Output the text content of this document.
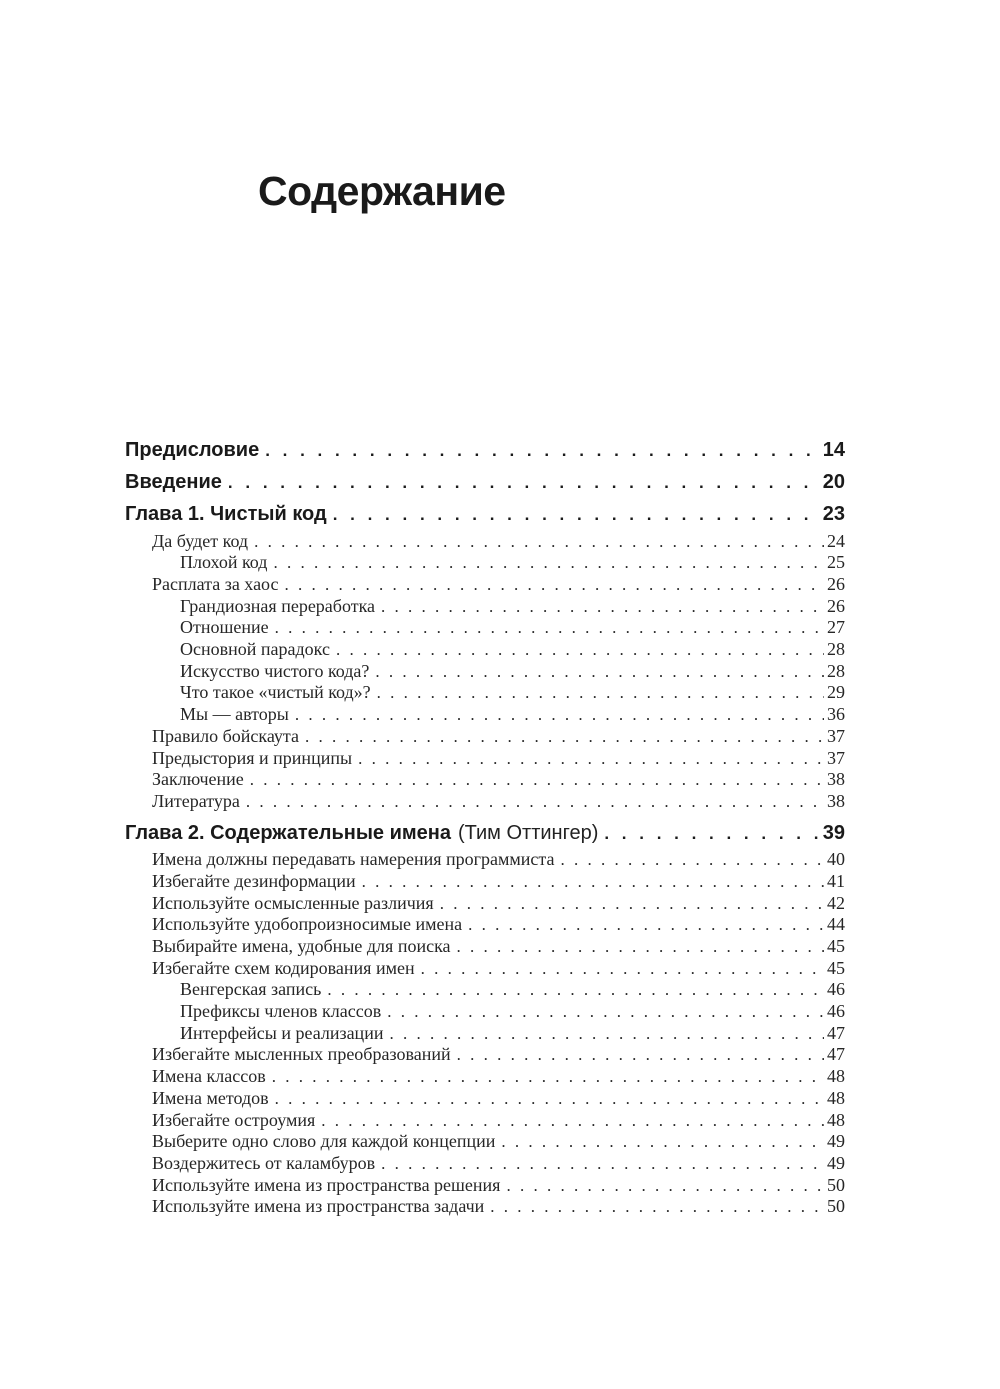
Содержание
Предисловие . . .	14
Введение . . .	20
Глава 1. Чистый код . . .	23
Да будет код . . .	24
Плохой код . . .	25
Расплата за хаос . . .	26
Грандиозная переработка . . .	26
Отношение . . .	27
Основной парадокс . . .	28
Искусство чистого кода? . . .	28
Что такое «чистый код»? . . .	29
Мы — авторы . . .	36
Правило бойскаута . . .	37
Предыстория и принципы . . .	37
Заключение . . .	38
Литература . . .	38
Глава 2. Содержательные имена (Тим Оттингер) . . .	39
Имена должны передавать намерения программиста . . .	40
Избегайте дезинформации . . .	41
Используйте осмысленные различия . . .	42
Используйте удобопроизносимые имена . . .	44
Выбирайте имена, удобные для поиска . . .	45
Избегайте схем кодирования имен . . .	45
Венгерская запись . . .	46
Префиксы членов классов . . .	46
Интерфейсы и реализации . . .	47
Избегайте мысленных преобразований . . .	47
Имена классов . . .	48
Имена методов . . .	48
Избегайте остроумия . . .	48
Выберите одно слово для каждой концепции . . .	49
Воздержитесь от каламбуров . . .	49
Используйте имена из пространства решения . . .	50
Используйте имена из пространства задачи . . .	50
